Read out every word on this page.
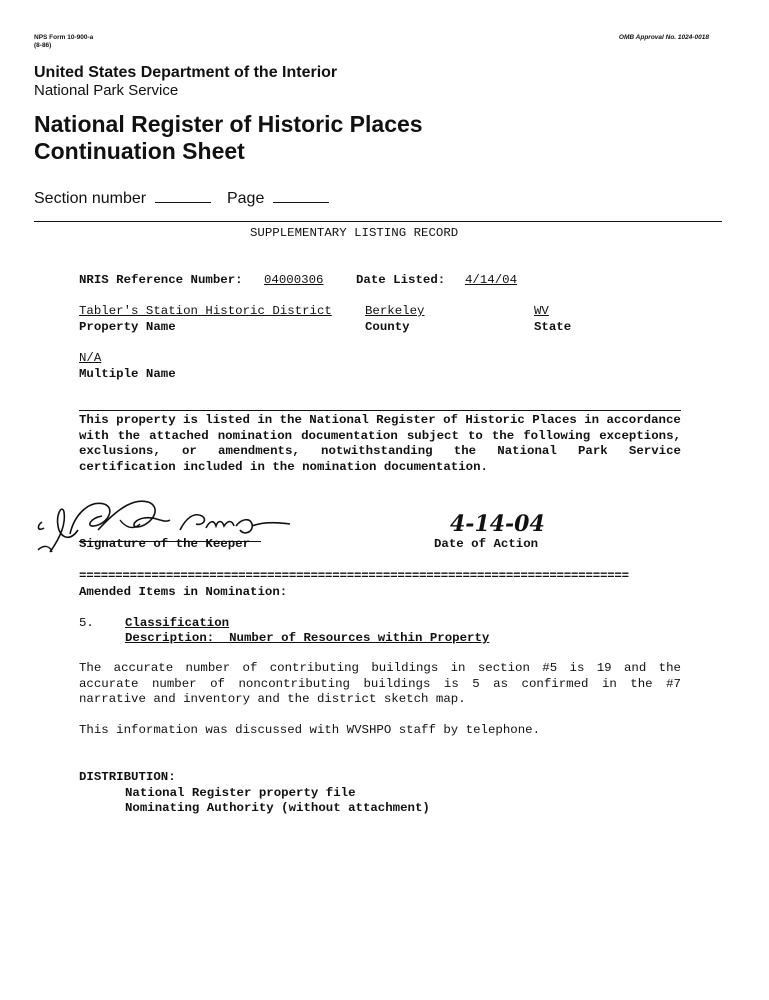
NPS Form 10-900-a
(8-86)
OMB Approval No. 1024-0018
United States Department of the Interior
National Park Service
National Register of Historic Places
Continuation Sheet
Section number	Page
SUPPLEMENTARY LISTING RECORD
NRIS Reference Number: 04000306	Date Listed: 4/14/04
Tabler's Station Historic District	Berkeley	WV
Property Name	County	State
N/A
Multiple Name
This property is listed in the National Register of Historic Places in accordance
with the attached nomination documentation subject to the following exceptions,
exclusions, or amendments, notwithstanding the National Park Service
certification included in the nomination documentation.
Signature of the Keeper
4-14-04
Date of Action
============================================================================
Amended Items in Nomination:
5.	Classification
Description:  Number of Resources within Property
The accurate number of contributing buildings in section #5 is 19 and the
accurate number of noncontributing buildings is 5 as confirmed in the #7
narrative and inventory and the district sketch map.
This information was discussed with WVSHPO staff by telephone.
DISTRIBUTION:
National Register property file
Nominating Authority (without attachment)
